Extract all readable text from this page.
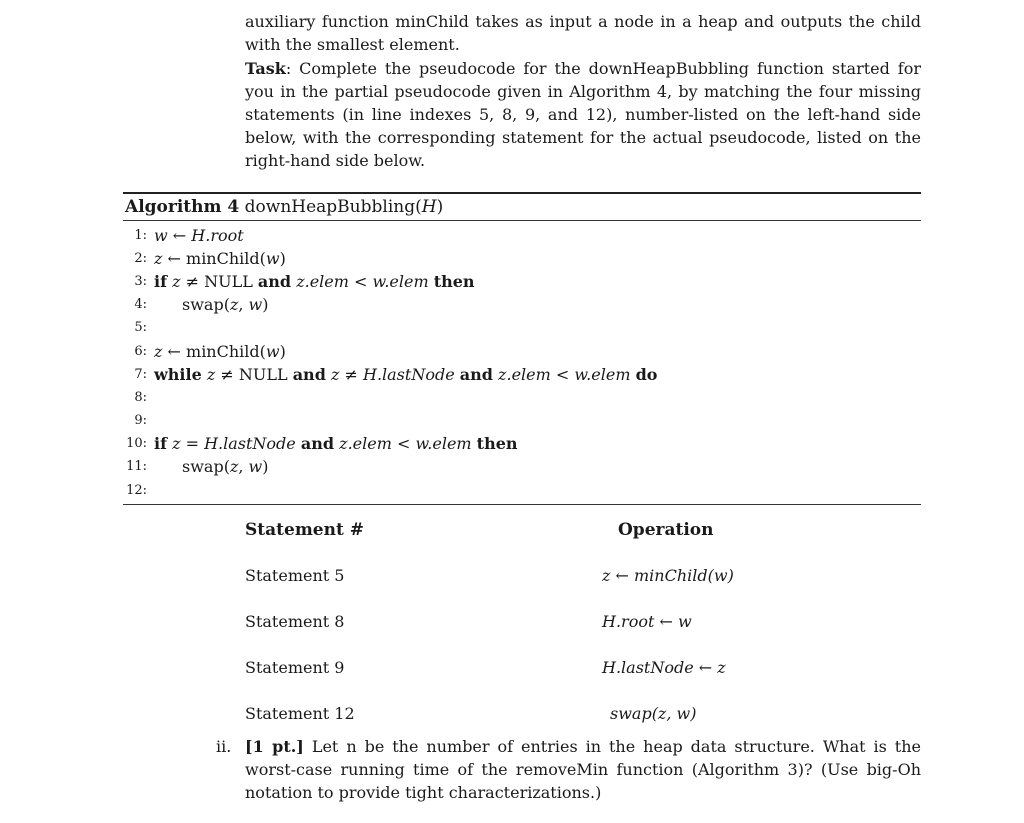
auxiliary function minChild takes as input a node in a heap and outputs the child with the smallest element.

Task: Complete the pseudocode for the downHeapBubbling function started for you in the partial pseudocode given in Algorithm 4, by matching the four missing statements (in line indexes 5, 8, 9, and 12), number-listed on the left-hand side below, with the corresponding statement for the actual pseudocode, listed on the right-hand side below.

Algorithm 4 downHeapBubbling(H)
1: w ← H.root
2: z ← minChild(w)
3: if z ≠ NULL and z.elem < w.elem then
4: swap(z, w)
5:
6: z ← minChild(w)
7: while z ≠ NULL and z ≠ H.lastNode and z.elem < w.elem do
8:
9:
10: if z = H.lastNode and z.elem < w.elem then
11: swap(z, w)
12:
Statement #	Operation
Statement 5	z ← minChild(w)
Statement 8	H.root ← w
Statement 9	H.lastNode ← z
Statement 12	swap(z, w)
ii. [1 pt.] Let n be the number of entries in the heap data structure. What is the worst-case running time of the removeMin function (Algorithm 3)? (Use big-Oh notation to provide tight characterizations.)
